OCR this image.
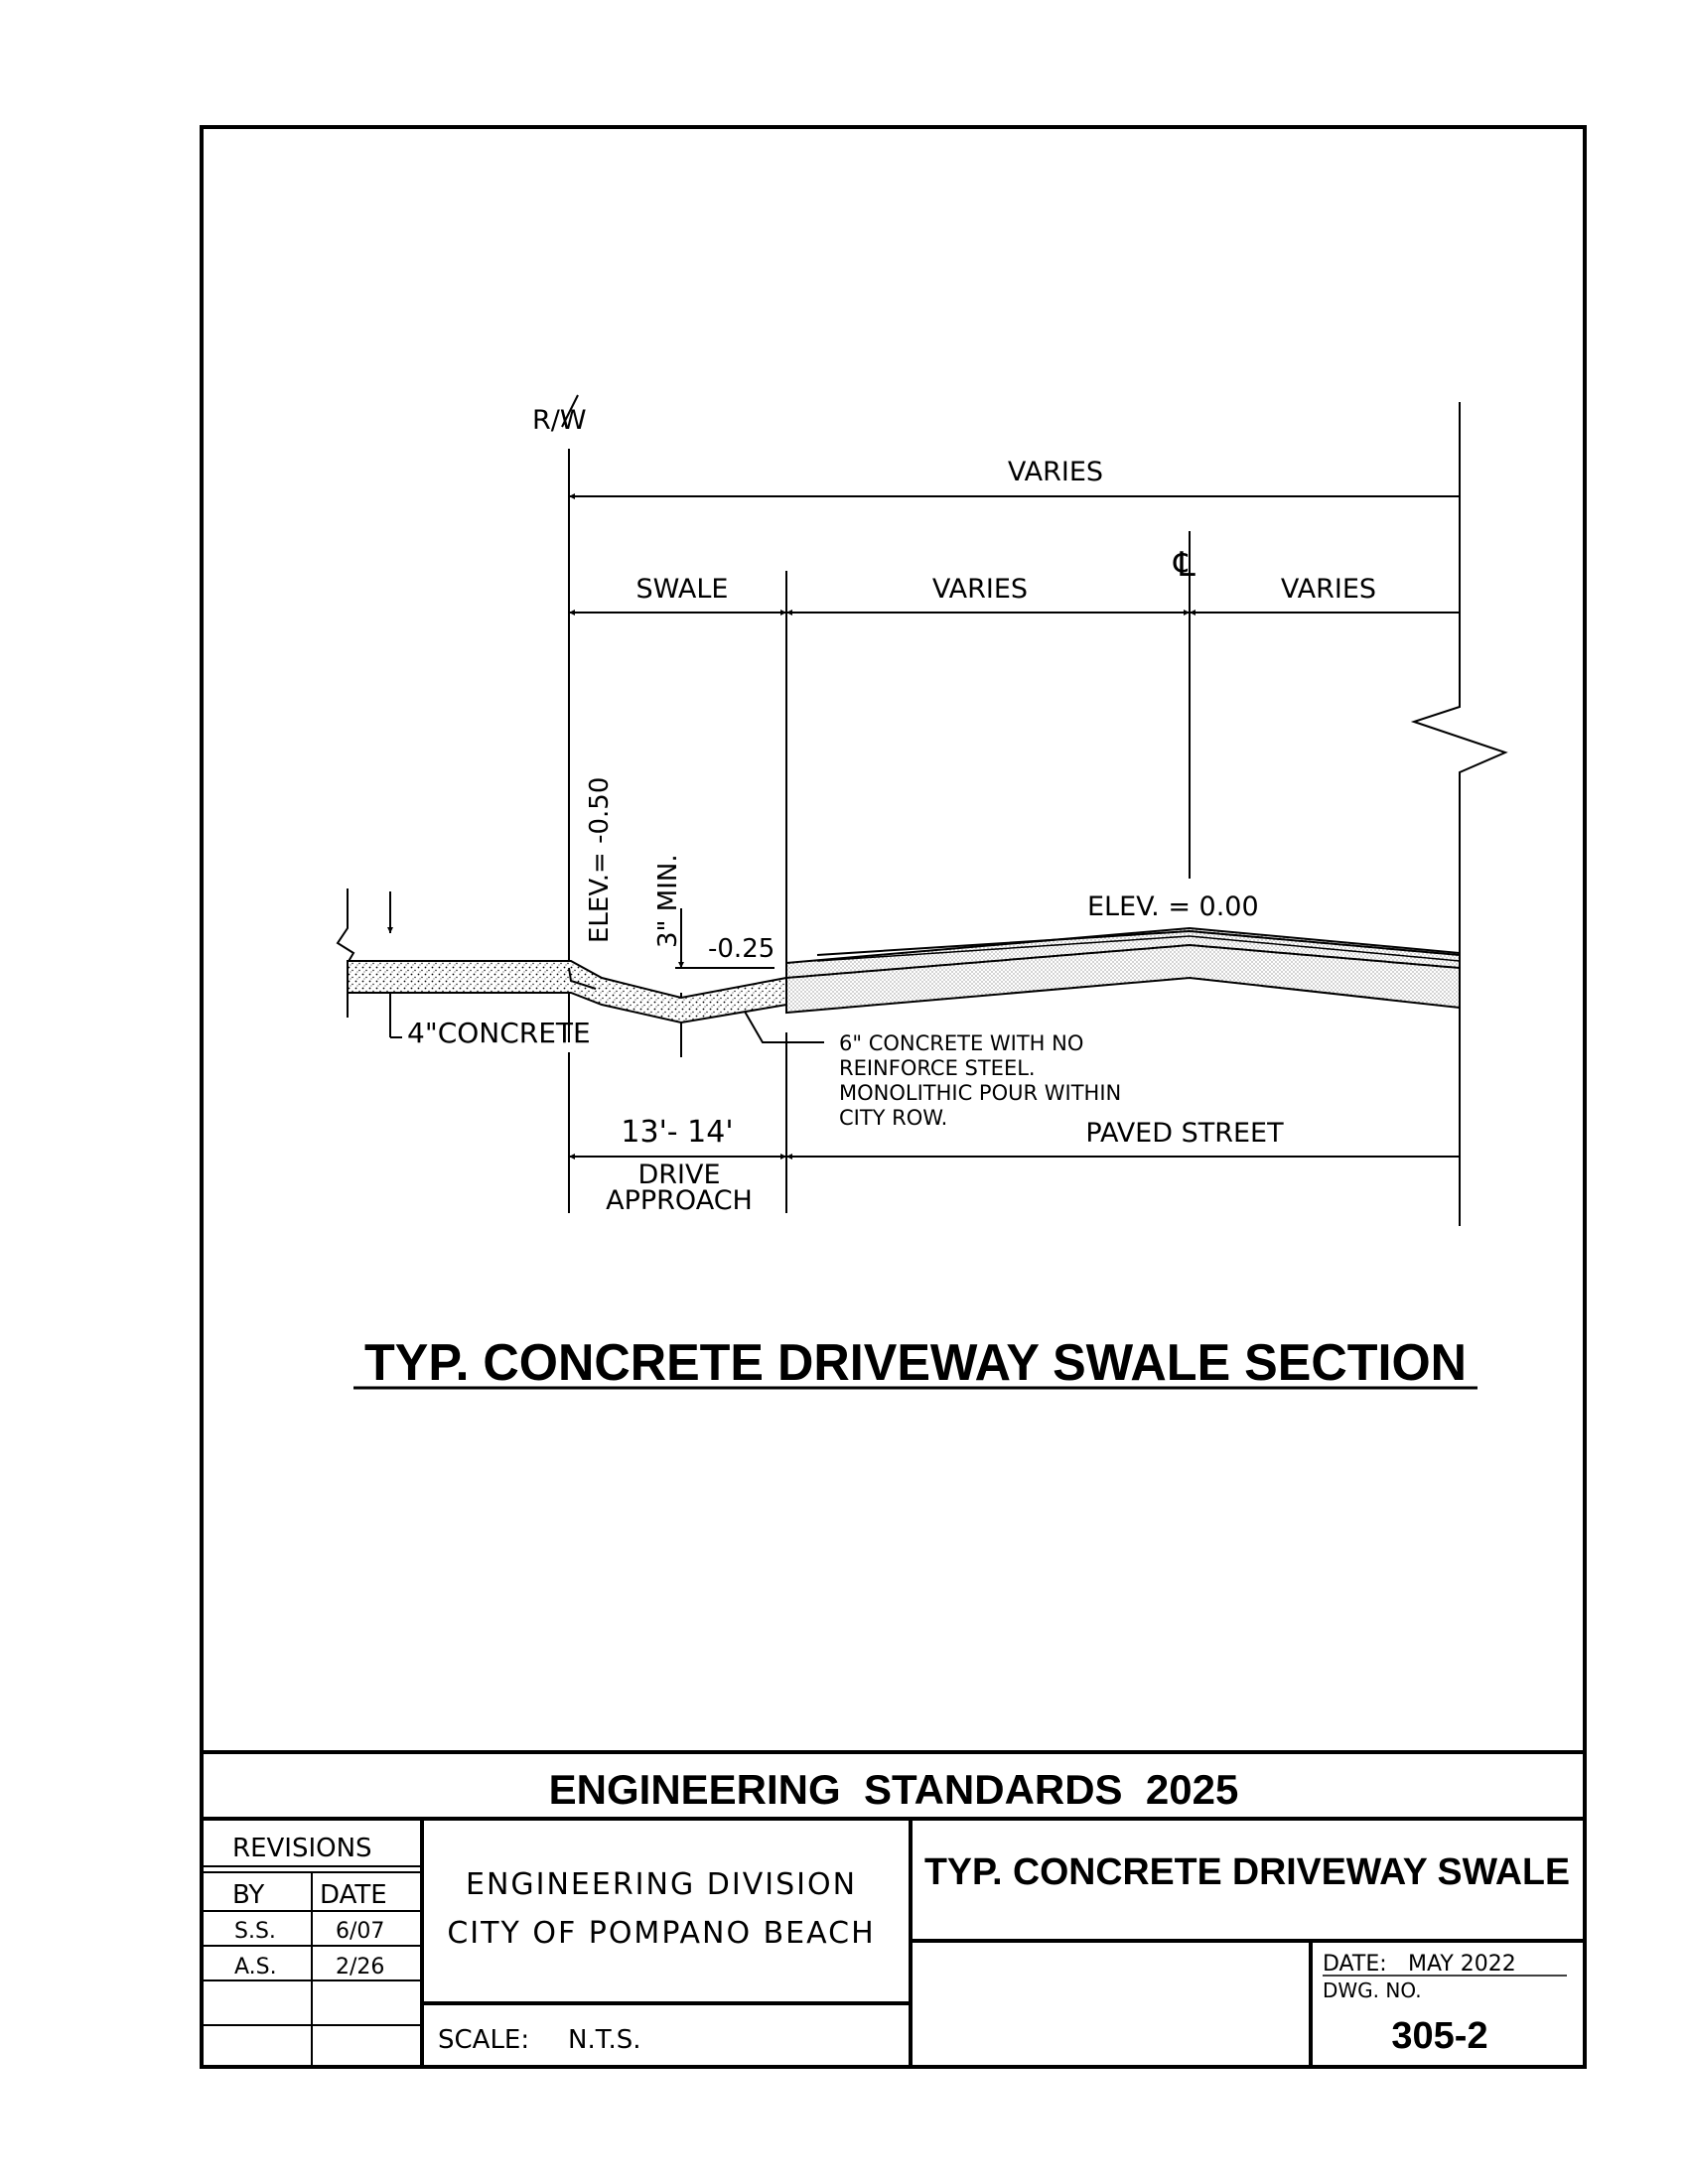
R/W
VARIES
SWALE	VARIES
℄
VARIES
ELEV.= -0.50 3" MIN.
-0.25
ELEV. = 0.00
4"CONCRETE	6" CONCRETE WITH NO
REINFORCE STEEL.
MONOLITHIC POUR WITHIN
CITY ROW.
13'- 14'
DRIVE
APPROACH
PAVED STREET
TYP. CONCRETE DRIVEWAY SWALE SECTION
ENGINEERING  STANDARDS  2025
REVISIONS
BY DATE
S.S.	6/07
A.S.	2/26
ENGINEERING DIVISION
CITY OF POMPANO BEACH
SCALE: N.T.S.
TYP. CONCRETE DRIVEWAY SWALE
DATE: MAY 2022
DWG. NO.
305-2
